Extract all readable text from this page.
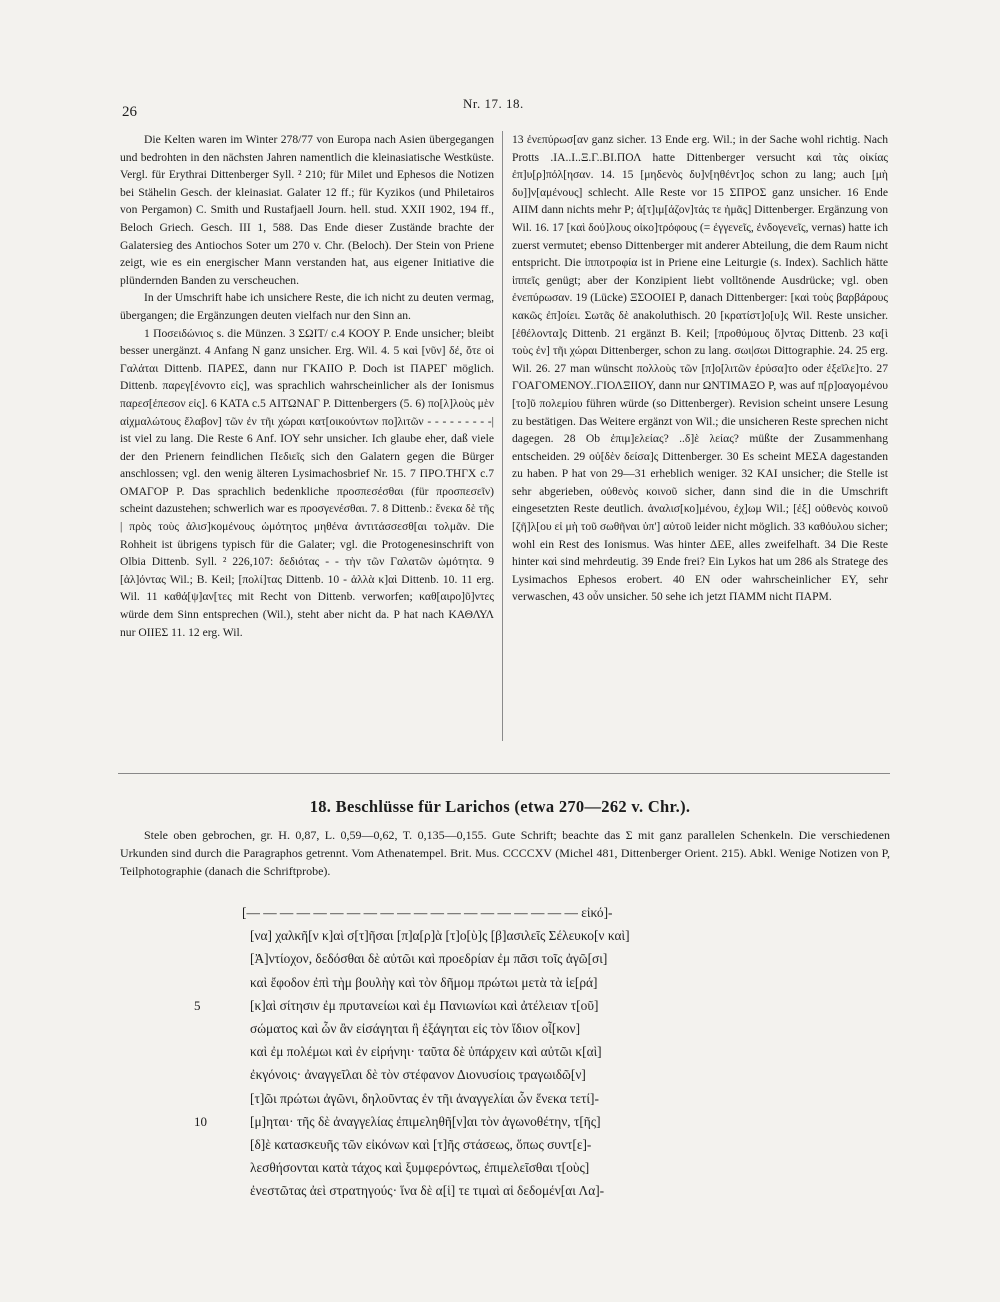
26
Nr. 17. 18.

Die Kelten waren im Winter 278/77 von Europa nach Asien übergegangen und bedrohten in den nächsten Jahren namentlich die kleinasiatische Westküste. Vergl. für Erythrai Dittenberger Syll. ² 210; für Milet und Ephesos die Notizen bei Stähelin Gesch. der kleinasiat. Galater 12 ff.; für Kyzikos (und Philetairos von Pergamon) C. Smith und Rustafjaell Journ. hell. stud. XXII 1902, 194 ff., Beloch Griech. Gesch. III 1, 588. Das Ende dieser Zustände brachte der Galatersieg des Antiochos Soter um 270 v. Chr. (Beloch). Der Stein von Priene zeigt, wie es ein energischer Mann verstanden hat, aus eigener Initiative die plündernden Banden zu verscheuchen.

In der Umschrift habe ich unsichere Reste, die ich nicht zu deuten vermag, übergangen; die Ergänzungen deuten vielfach nur den Sinn an.

1 Ποσειδώνιος s. die Münzen. 3 ΣΩΙΤ/ c.4 ΚΟΟΥ P. Ende unsicher; bleibt besser unergänzt. 4 Anfang Ν ganz unsicher. Erg. Wil. 4. 5 καὶ [νῦν] δέ, ὅτε οἱ Γαλάται Dittenb. ΠΑΡΕΣ, dann nur ΓΚΑΙΙΟ P. Doch ist ΠΑΡΕΓ möglich. Dittenb. παρεγ[ένοντο εἰς], was sprachlich wahrscheinlicher als der Ionismus παρεσ[έπεσον εἰς]. 6 ΚΑΤΑ c.5 ΑΙΤΩΝΑΓ P. Dittenbergers (5. 6) πο[λ]λοὺς μὲν αἰχμαλώτους ἔλαβον] τῶν ἐν τῆι χώραι κατ[οικούντων πο]λιτῶν - - - - - - - - -| ist viel zu lang. Die Reste 6 Anf. ΙΟΥ sehr unsicher. Ich glaube eher, daß viele der den Prienern feindlichen Πεδιεῖς sich den Galatern gegen die Bürger anschlossen; vgl. den wenig älteren Lysimachosbrief Nr. 15. 7 ΠΡΟ.ΤΗΓΧ c.7 ΟΜΑΓΟΡ P. Das sprachlich bedenkliche προσπεσέσθαι (für προσπεσεῖν) scheint dazustehen; schwerlich war es προσγενέσθαι. 7. 8 Dittenb.: ἕνεκα δὲ τῆς | πρὸς τοὺς ἁλισ]κομένους ὠμότητος μηθένα ἀντιτάσσεσθ[αι τολμᾶν. Die Rohheit ist übrigens typisch für die Galater; vgl. die Protogenesinschrift von Olbia Dittenb. Syll. ² 226,107: δεδιότας - - τὴν τῶν Γαλατῶν ὠμότητα. 9 [ἁλ]όντας Wil.; B. Keil; [πολί]τας Dittenb. 10 - ἀλλὰ κ]αὶ Dittenb. 10. 11 erg. Wil. 11 καθά[ψ]αν[τες mit Recht von Dittenb. verworfen; καθ[αιρο]ῦ]ντες würde dem Sinn entsprechen (Wil.), steht aber nicht da. P hat nach ΚΑΘΛΥΛ nur ΟΙΙΕΣ 11. 12 erg. Wil.

13 ἐνεπύρωσ[αν ganz sicher. 13 Ende erg. Wil.; in der Sache wohl richtig. Nach Protts .ΙΑ..Ι..Ξ.Γ..ΒΙ.ΠΟΛ hatte Dittenberger versucht καὶ τὰς οἰκίας ἐπ]υ[ρ]πόλ[ησαν. 14. 15 [μηδενὸς δυ]ν[ηθέντ]ος schon zu lang; auch [μὴ δυ]]ν[αμένους] schlecht. Alle Reste vor 15 ΣΠΡΟΣ ganz unsicher. 16 Ende ΑΙΙΜ dann nichts mehr P; ἀ[τ]ιμ[άζον]τάς τε ἡμᾶς] Dittenberger. Ergänzung von Wil. 16. 17 [καὶ δού]λους οἰκο]τρόφους (= ἐγγενεῖς, ἐνδογενεῖς, vernas) hatte ich zuerst vermutet; ebenso Dittenberger mit anderer Abteilung, die dem Raum nicht entspricht. Die ἱπποτροφία ist in Priene eine Leiturgie (s. Index). Sachlich hätte ἱππεῖς genügt; aber der Konzipient liebt volltönende Ausdrücke; vgl. oben ἐνεπύρωσαν. 19 (Lücke) ΞΣΟΟΙΕΙ P, danach Dittenberger: [καὶ τοὺς βαρβάρους κακῶς ἐπ]οίει. Σωτᾶς δὲ anakoluthisch. 20 [κρατίστ]ο[υ]ς Wil. Reste unsicher. [ἐθέλοντα]ς Dittenb. 21 ergänzt B. Keil; [προθύμους ὄ]ντας Dittenb. 23 κα[ὶ τοὺς ἐν] τῆι χώραι Dittenberger, schon zu lang. σωι|σωι Dittographie. 24. 25 erg. Wil. 26. 27 man wünscht πολλοὺς τῶν [π]ο[λιτῶν ἐρύσα]το oder ἐξεῖλε]το. 27 ΓΟΑΓΟΜΕΝΟΥ..ΓΙΟΛΞΙΙΟΥ, dann nur ΩΝΤΙΜΑΞΟ P, was auf π[ρ]οαγομένου [το]ῦ πολεμίου führen würde (so Dittenberger). Revision scheint unsere Lesung zu bestätigen. Das Weitere ergänzt von Wil.; die unsicheren Reste sprechen nicht dagegen. 28 Ob ἐπιμ]ελείας? ..δ]ὲ λείας? müßte der Zusammenhang entscheiden. 29 οὐ[δὲν δείσα]ς Dittenberger. 30 Es scheint ΜΕΣΑ dagestanden zu haben. P hat von 29—31 erheblich weniger. 32 ΚΑΙ unsicher; die Stelle ist sehr abgerieben, οὐθενὸς κοινοῦ sicher, dann sind die in die Umschrift eingesetzten Reste deutlich. ἀναλισ[κο]μένου, ἐχ]ωμ Wil.; [ἐξ] οὐθενὸς κοινοῦ [ζῆ]λ[ου εἰ μὴ τοῦ σωθῆναι ὑπ'] αὐτοῦ leider nicht möglich. 33 καθόυλου sicher; wohl ein Rest des Ionismus. Was hinter ΔΕΕ, alles zweifelhaft. 34 Die Reste hinter καὶ sind mehrdeutig. 39 Ende frei? Ein Lykos hat um 286 als Stratege des Lysimachos Ephesos erobert. 40 ΕΝ oder wahrscheinlicher ΕΥ, sehr verwaschen, 43 οὖν unsicher. 50 sehe ich jetzt ΠΑΜΜ nicht ΠΑΡΜ.

18. Beschlüsse für Larichos (etwa 270—262 v. Chr.).

Stele oben gebrochen, gr. H. 0,87, L. 0,59—0,62, T. 0,135—0,155. Gute Schrift; beachte das Σ mit ganz parallelen Schenkeln. Die verschiedenen Urkunden sind durch die Paragraphos getrennt. Vom Athenatempel. Brit. Mus. CCCCXV (Michel 481, Dittenberger Orient. 215). Abkl. Wenige Notizen von P, Teilphotographie (danach die Schriftprobe).

[— — — — — — — — — — — — — — — — — — — — εἰκό]-
[να] χαλκῆ[ν κ]αὶ σ[τ]ῆσαι [π]α[ρ]ὰ [τ]ο[ὺ]ς [β]ασιλεῖς Σέλευκο[ν καὶ]
[Ἀ]ντίοχον, δεδόσθαι δὲ αὐτῶι καὶ προεδρίαν ἐμ πᾶσι τοῖς ἀγῶ[σι]
καὶ ἔφοδον ἐπὶ τὴμ βουλὴγ καὶ τὸν δῆμομ πρώτωι μετὰ τὰ ἱε[ρά]
5	[κ]αὶ σίτησιν ἐμ πρυτανείωι καὶ ἐμ Πανιωνίωι καὶ ἀτέλειαν τ[οῦ]
σώματος καὶ ὧν ἂν εἰσάγηται ἢ ἐξάγηται εἰς τὸν ἴδιον οἶ[κον]
καὶ ἐμ πολέμωι καὶ ἐν εἰρήνηι· ταῦτα δὲ ὑπάρχειν καὶ αὐτῶι κ[αὶ]
ἐκγόνοις· ἀναγγεῖλαι δὲ τὸν στέφανον Διονυσίοις τραγωιδῶ[ν]
[τ]ῶι πρώτωι ἀγῶνι, δηλοῦντας ἐν τῆι ἀναγγελίαι ὧν ἕνεκα τετί]-
10	[μ]ηται· τῆς δὲ ἀναγγελίας ἐπιμεληθῆ[ν]αι τὸν ἀγωνοθέτην, τ[ῆς]
[δ]ὲ κατασκευῆς τῶν εἰκόνων καὶ [τ]ῆς στάσεως, ὅπως συντ[ε]-
λεσθήσονται κατὰ τάχος καὶ ξυμφερόντως, ἐπιμελεῖσθαι τ[οὺς]
ἐνεστῶτας ἀεὶ στρατηγούς· ἵνα δὲ α[ἱ] τε τιμαὶ αἱ δεδομέν[αι Λα]-
